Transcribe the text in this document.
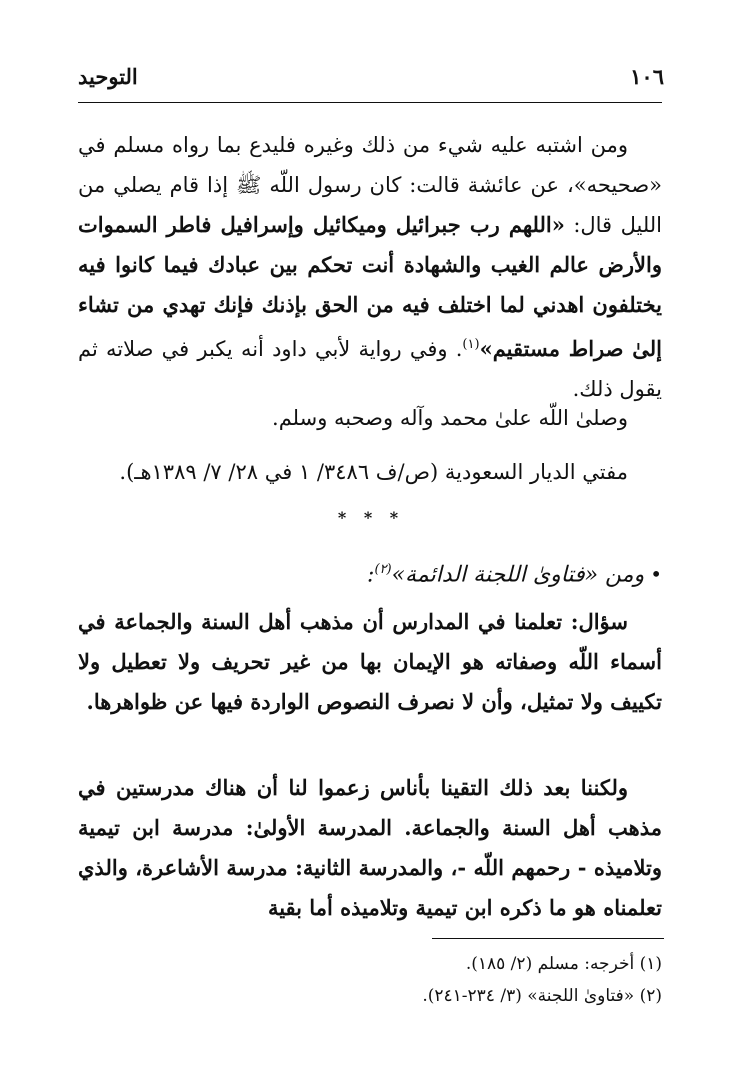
١٠٦
التوحيد
ومن اشتبه عليه شيء من ذلك وغيره فليدع بما رواه مسلم في «صحيحه»، عن عائشة قالت: كان رسول اللّه ﷺ إذا قام يصلي من الليل قال: «اللهم رب جبرائيل وميكائيل وإسرافيل فاطر السموات والأرض عالم الغيب والشهادة أنت تحكم بين عبادك فيما كانوا فيه يختلفون اهدني لما اختلف فيه من الحق بإذنك فإنك تهدي من تشاء إلىٰ صراط مستقيم»$^{(١)}$. وفي رواية لأبي داود أنه يكبر في صلاته ثم يقول ذلك.
وصلىٰ اللّه علىٰ محمد وآله وصحبه وسلم.
مفتي الديار السعودية (ص/ف ٣٤٨٦/ ١ في ٢٨/ ٧/ ١٣٨٩هـ).
* * *
•ومن «فتاوىٰ اللجنة الدائمة»$^{(٢)}$:
سؤال: تعلمنا في المدارس أن مذهب أهل السنة والجماعة في أسماء اللّه وصفاته هو الإيمان بها من غير تحريف ولا تعطيل ولا تكييف ولا تمثيل، وأن لا نصرف النصوص الواردة فيها عن ظواهرها.
ولكننا بعد ذلك التقينا بأناس زعموا لنا أن هناك مدرستين في مذهب أهل السنة والجماعة. المدرسة الأولىٰ: مدرسة ابن تيمية وتلاميذه - رحمهم اللّه -، والمدرسة الثانية: مدرسة الأشاعرة، والذي تعلمناه هو ما ذكره ابن تيمية وتلاميذه أما بقية
(١) أخرجه: مسلم (٢/ ١٨٥).
(٢) «فتاوىٰ اللجنة» (٣/ ٢٣٤-٢٤١).
